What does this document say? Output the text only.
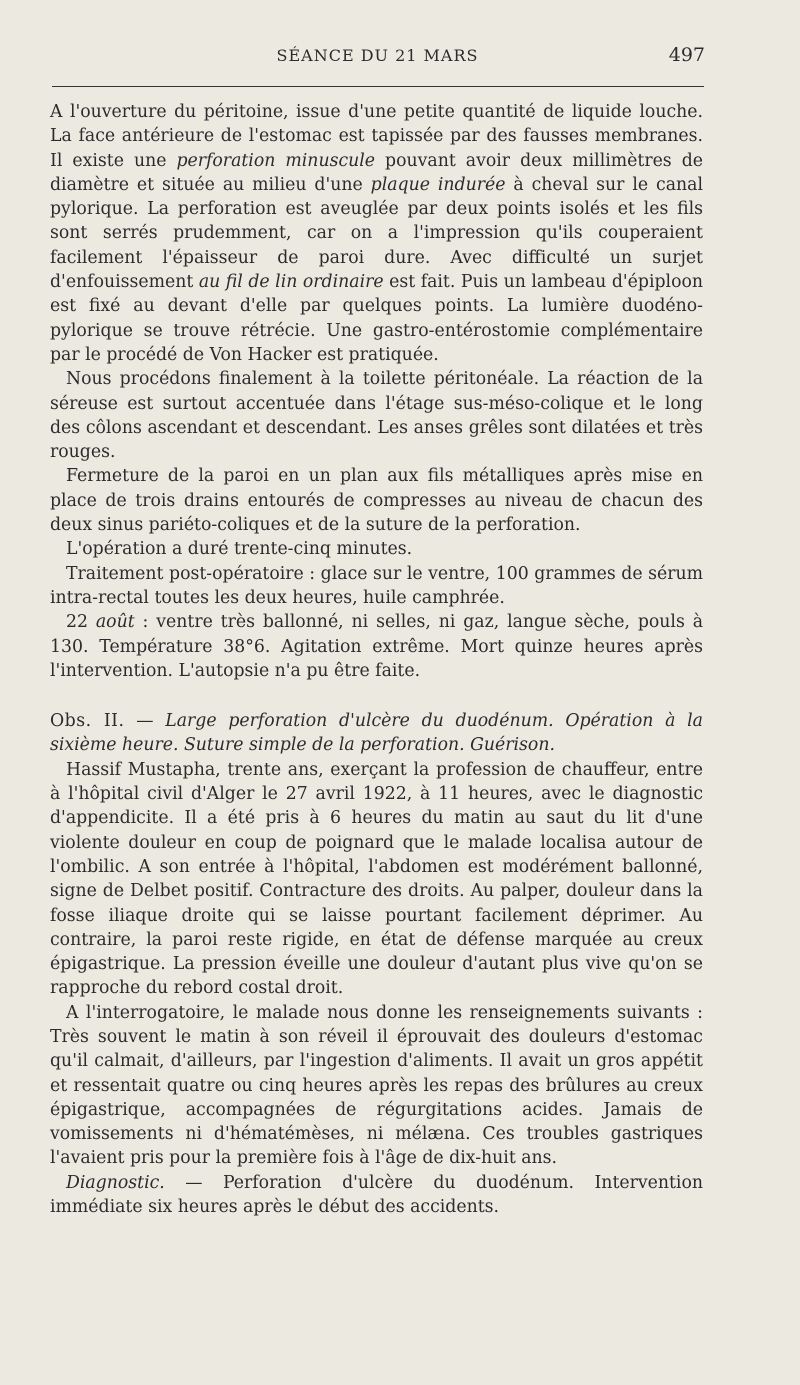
SÉANCE DU 21 MARS	497

A l'ouverture du péritoine, issue d'une petite quantité de liquide louche. La face antérieure de l'estomac est tapissée par des fausses membranes. Il existe une perforation minuscule pouvant avoir deux millimètres de diamètre et située au milieu d'une plaque indurée à cheval sur le canal pylorique. La perforation est aveuglée par deux points isolés et les fils sont serrés prudemment, car on a l'impression qu'ils couperaient facilement l'épaisseur de paroi dure. Avec difficulté un surjet d'enfouissement au fil de lin ordinaire est fait. Puis un lambeau d'épiploon est fixé au devant d'elle par quelques points. La lumière duodéno-pylorique se trouve rétrécie. Une gastro-entérostomie complémentaire par le procédé de Von Hacker est pratiquée.

Nous procédons finalement à la toilette péritonéale. La réaction de la séreuse est surtout accentuée dans l'étage sus-méso-colique et le long des côlons ascendant et descendant. Les anses grêles sont dilatées et très rouges.

Fermeture de la paroi en un plan aux fils métalliques après mise en place de trois drains entourés de compresses au niveau de chacun des deux sinus pariéto-coliques et de la suture de la perforation.

L'opération a duré trente-cinq minutes.

Traitement post-opératoire : glace sur le ventre, 100 grammes de sérum intra-rectal toutes les deux heures, huile camphrée.

22 août : ventre très ballonné, ni selles, ni gaz, langue sèche, pouls à 130. Température 38°6. Agitation extrême. Mort quinze heures après l'intervention. L'autopsie n'a pu être faite.

Obs. II. — Large perforation d'ulcère du duodénum. Opération à la sixième heure. Suture simple de la perforation. Guérison.

Hassif Mustapha, trente ans, exerçant la profession de chauffeur, entre à l'hôpital civil d'Alger le 27 avril 1922, à 11 heures, avec le diagnostic d'appendicite. Il a été pris à 6 heures du matin au saut du lit d'une violente douleur en coup de poignard que le malade localisa autour de l'ombilic. A son entrée à l'hôpital, l'abdomen est modérément ballonné, signe de Delbet positif. Contracture des droits. Au palper, douleur dans la fosse iliaque droite qui se laisse pourtant facilement déprimer. Au contraire, la paroi reste rigide, en état de défense marquée au creux épigastrique. La pression éveille une douleur d'autant plus vive qu'on se rapproche du rebord costal droit.

A l'interrogatoire, le malade nous donne les renseignements suivants : Très souvent le matin à son réveil il éprouvait des douleurs d'estomac qu'il calmait, d'ailleurs, par l'ingestion d'aliments. Il avait un gros appétit et ressentait quatre ou cinq heures après les repas des brûlures au creux épigastrique, accompagnées de régurgitations acides. Jamais de vomissements ni d'hématémèses, ni mélæna. Ces troubles gastriques l'avaient pris pour la première fois à l'âge de dix-huit ans.

Diagnostic. — Perforation d'ulcère du duodénum. Intervention immédiate six heures après le début des accidents.
